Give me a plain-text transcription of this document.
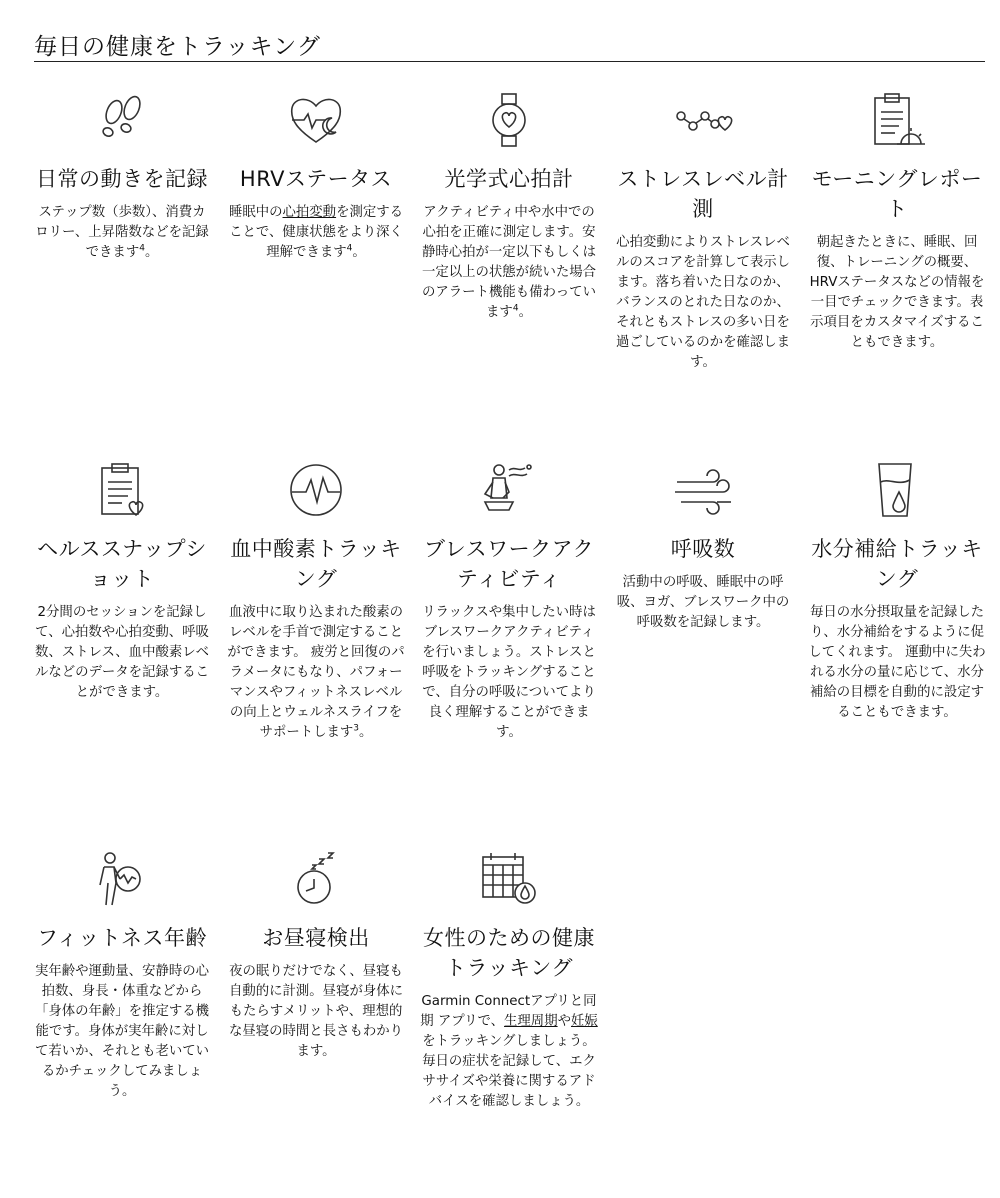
毎日の健康をトラッキング
日常の動きを記録

ステップ数（歩数）、消費カロリー、上昇階数などを記録できます$^4$。

HRVステータス

睡眠中の心拍変動を測定することで、健康状態をより深く理解できます$^4$。

光学式心拍計

アクティビティ中や水中での心拍を正確に測定します。安静時心拍が一定以下もしくは一定以上の状態が続いた場合のアラート機能も備わっています$^4$。

ストレスレベル計測

心拍変動によりストレスレベルのスコアを計算して表示します。落ち着いた日なのか、バランスのとれた日なのか、それともストレスの多い日を過ごしているのかを確認します。

モーニングレポート

朝起きたときに、睡眠、回復、トレーニングの概要、HRVステータスなどの情報を一目でチェックできます。表示項目をカスタマイズすることもできます。

ヘルススナップショット

2分間のセッションを記録して、心拍数や心拍変動、呼吸数、ストレス、血中酸素レベルなどのデータを記録することができます。

血中酸素トラッキング

血液中に取り込まれた酸素のレベルを手首で測定することができます。 疲労と回復のパラメータにもなり、パフォーマンスやフィットネスレベルの向上とウェルネスライフをサポートします$^3$。

ブレスワークアクティビティ

リラックスや集中したい時はブレスワークアクティビティを行いましょう。ストレスと呼吸をトラッキングすることで、自分の呼吸についてより良く理解することができます。

呼吸数

活動中の呼吸、睡眠中の呼吸、ヨガ、ブレスワーク中の呼吸数を記録します。

水分補給トラッキング

毎日の水分摂取量を記録したり、水分補給をするように促してくれます。 運動中に失われる水分の量に応じて、水分補給の目標を自動的に設定することもできます。

フィットネス年齢

実年齢や運動量、安静時の心拍数、身長・体重などから「身体の年齢」を推定する機能です。身体が実年齢に対して若いか、それとも老いているかチェックしてみましょう。

お昼寝検出

夜の眠りだけでなく、昼寝も自動的に計測。昼寝が身体にもたらすメリットや、理想的な昼寝の時間と長さもわかります。

女性のための健康トラッキング

Garmin Connectアプリと同期 アプリで、生理周期や妊娠をトラッキングしましょう。毎日の症状を記録して、エクササイズや栄養に関するアドバイスを確認しましょう。
